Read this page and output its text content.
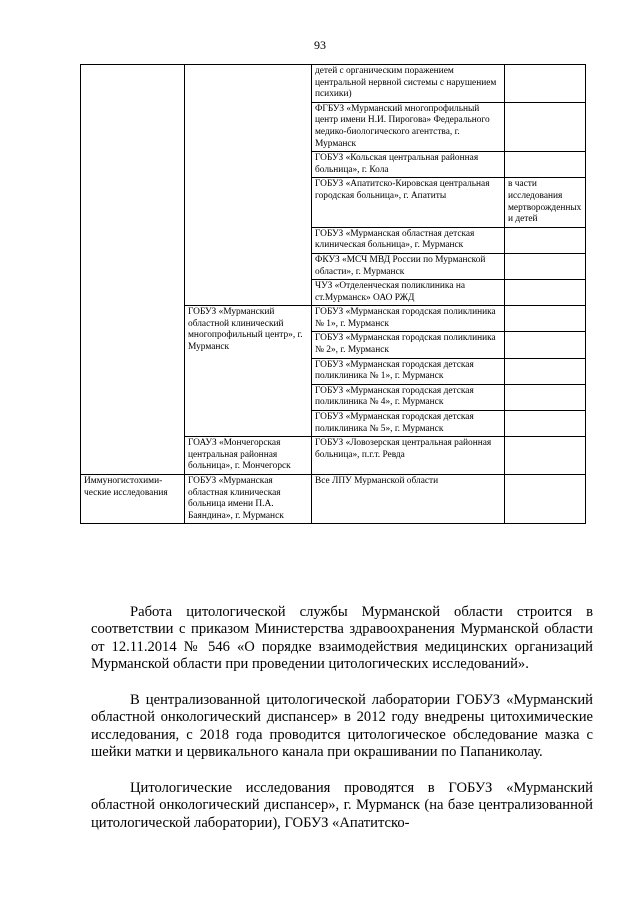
93
		детей с органическим поражением центральной нервной системы с нарушением психики)	
		ФГБУЗ «Мурманский многопрофильный центр имени Н.И. Пирогова» Федерального медико-биологического агентства, г. Мурманск	
		ГОБУЗ «Кольская центральная районная больница», г. Кола	
		ГОБУЗ «Апатитско-Кировская центральная городская больница», г. Апатиты	в части исследования мертворожденных и детей
		ГОБУЗ «Мурманская областная детская клиническая больница», г. Мурманск	
		ФКУЗ «МСЧ МВД России по Мурманской области», г. Мурманск	
		ЧУЗ «Отделенческая поликлиника на ст.Мурманск» ОАО РЖД	
	ГОБУЗ «Мурманский областной клинический многопрофильный центр», г. Мурманск	ГОБУЗ «Мурманская городская поликлиника № 1», г. Мурманск	
		ГОБУЗ «Мурманская городская поликлиника № 2», г. Мурманск	
		ГОБУЗ «Мурманская городская детская поликлиника № 1», г. Мурманск	
		ГОБУЗ «Мурманская городская детская поликлиника № 4», г. Мурманск	
		ГОБУЗ «Мурманская городская детская поликлиника № 5», г. Мурманск	
	ГОАУЗ «Мончегорская центральная районная больница», г. Мончегорск	ГОБУЗ «Ловозерская центральная районная больница», п.г.т. Ревда	
Иммуногистохими-ческие исследования	ГОБУЗ «Мурманская областная клиническая больница имени П.А. Баяндина», г. Мурманск	Все ЛПУ Мурманской области	

Работа цитологической службы Мурманской области строится в соответствии с приказом Министерства здравоохранения Мурманской области от 12.11.2014 № 546 «О порядке взаимодействия медицинских организаций Мурманской области при проведении цитологических исследований».

В централизованной цитологической лаборатории ГОБУЗ «Мурманский областной онкологический диспансер» в 2012 году внедрены цитохимические исследования, с 2018 года проводится цитологическое обследование мазка с шейки матки и цервикального канала при окрашивании по Папаниколау.

Цитологические исследования проводятся в ГОБУЗ «Мурманский областной онкологический диспансер», г. Мурманск (на базе централизованной цитологической лаборатории), ГОБУЗ «Апатитско-
